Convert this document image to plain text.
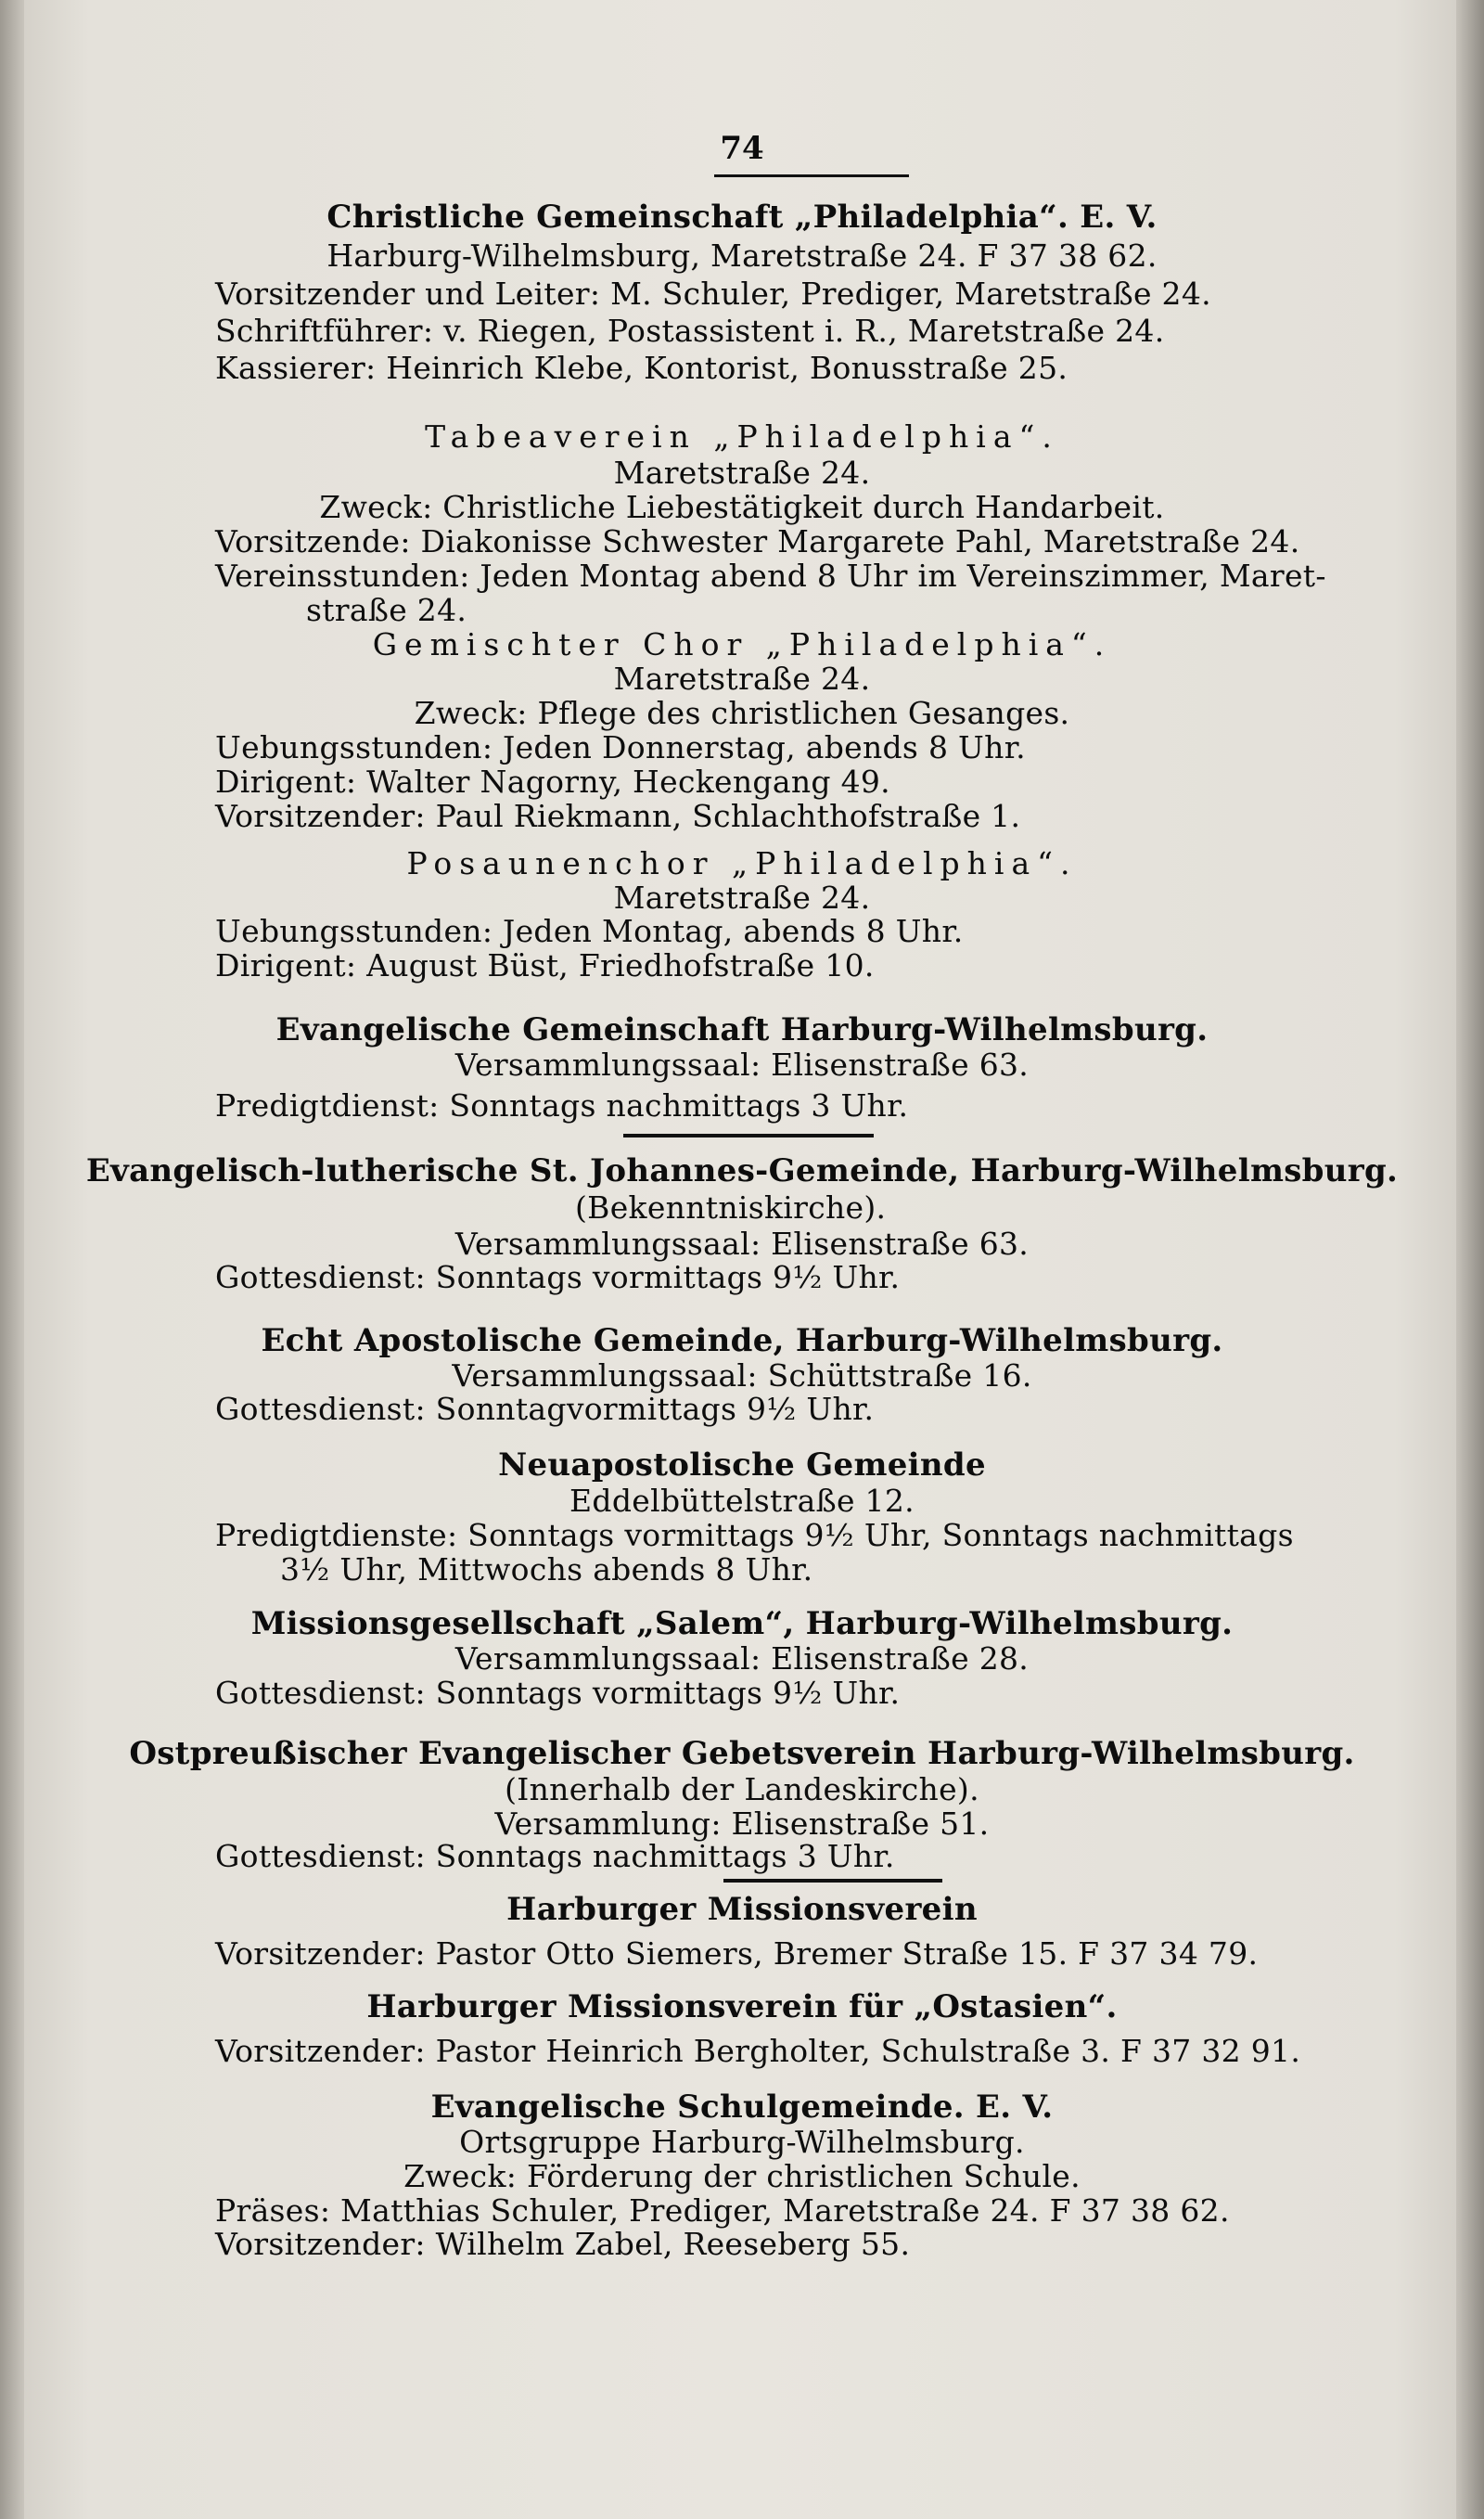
74
Christliche Gemeinschaft „Philadelphia“. E. V.
Harburg-Wilhelmsburg, Maretstraße 24. F 37 38 62.
Vorsitzender und Leiter: M. Schuler, Prediger, Maretstraße 24.
Schriftführer: v. Riegen, Postassistent i. R., Maretstraße 24.
Kassierer: Heinrich Klebe, Kontorist, Bonusstraße 25.
Tabeaverein „Philadelphia“.
Maretstraße 24.
Zweck: Christliche Liebestätigkeit durch Handarbeit.
Vorsitzende: Diakonisse Schwester Margarete Pahl, Maretstraße 24.
Vereinsstunden: Jeden Montag abend 8 Uhr im Vereinszimmer, Maret-
straße 24.
Gemischter Chor „Philadelphia“.
Maretstraße 24.
Zweck: Pflege des christlichen Gesanges.
Uebungsstunden: Jeden Donnerstag, abends 8 Uhr.
Dirigent: Walter Nagorny, Heckengang 49.
Vorsitzender: Paul Riekmann, Schlachthofstraße 1.
Posaunenchor „Philadelphia“.
Maretstraße 24.
Uebungsstunden: Jeden Montag, abends 8 Uhr.
Dirigent: August Büst, Friedhofstraße 10.
Evangelische Gemeinschaft Harburg-Wilhelmsburg.
Versammlungssaal: Elisenstraße 63.
Predigtdienst: Sonntags nachmittags 3 Uhr.
Evangelisch-lutherische St. Johannes-Gemeinde, Harburg-Wilhelmsburg.
(Bekenntniskirche).
Versammlungssaal: Elisenstraße 63.
Gottesdienst: Sonntags vormittags 9½ Uhr.
Echt Apostolische Gemeinde, Harburg-Wilhelmsburg.
Versammlungssaal: Schüttstraße 16.
Gottesdienst: Sonntagvormittags 9½ Uhr.
Neuapostolische Gemeinde
Eddelbüttelstraße 12.
Predigtdienste: Sonntags vormittags 9½ Uhr, Sonntags nachmittags
3½ Uhr, Mittwochs abends 8 Uhr.
Missionsgesellschaft „Salem“, Harburg-Wilhelmsburg.
Versammlungssaal: Elisenstraße 28.
Gottesdienst: Sonntags vormittags 9½ Uhr.
Ostpreußischer Evangelischer Gebetsverein Harburg-Wilhelmsburg.
(Innerhalb der Landeskirche).
Versammlung: Elisenstraße 51.
Gottesdienst: Sonntags nachmittags 3 Uhr.
Harburger Missionsverein
Vorsitzender: Pastor Otto Siemers, Bremer Straße 15. F 37 34 79.
Harburger Missionsverein für „Ostasien“.
Vorsitzender: Pastor Heinrich Bergholter, Schulstraße 3. F 37 32 91.
Evangelische Schulgemeinde. E. V.
Ortsgruppe Harburg-Wilhelmsburg.
Zweck: Förderung der christlichen Schule.
Präses: Matthias Schuler, Prediger, Maretstraße 24. F 37 38 62.
Vorsitzender: Wilhelm Zabel, Reeseberg 55.
